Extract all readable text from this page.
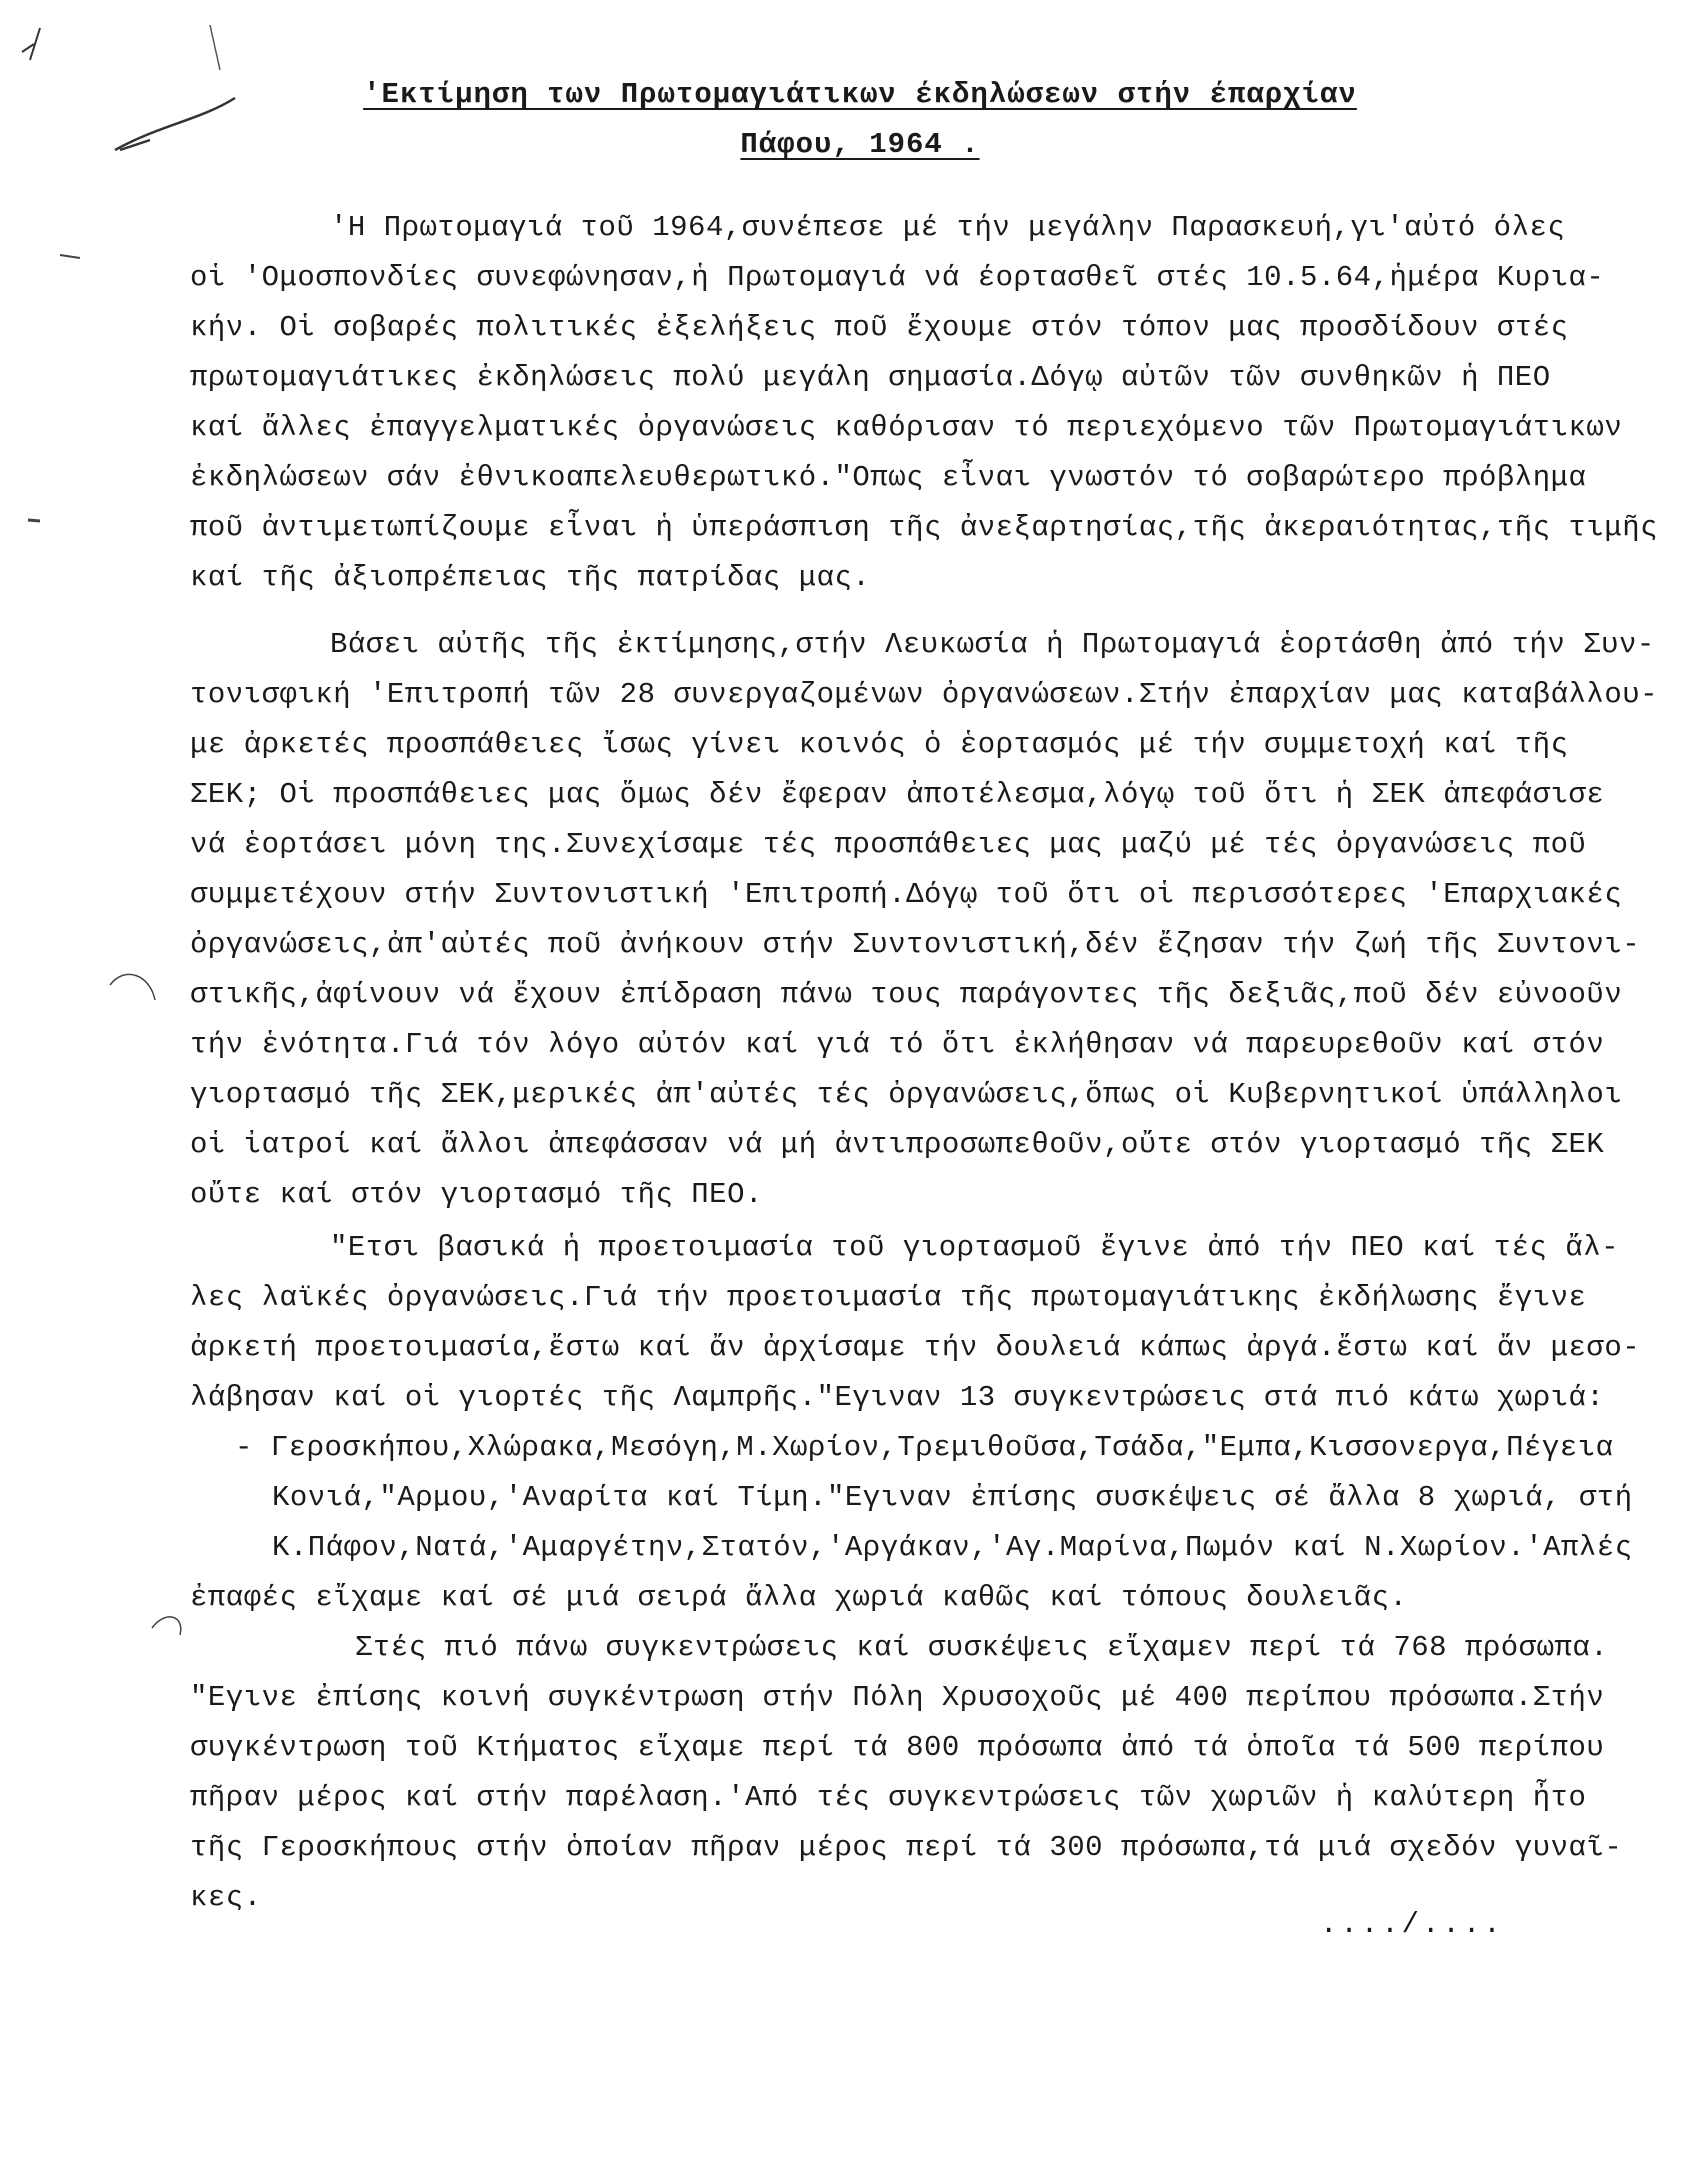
'Εκτίμηση των Πρωτομαγιάτικων έκδηλώσεων στήν έπαρχίαν
Πάφου, 1964 .

'Η Πρωτομαγιά τοῦ 1964,συνέπεσε μέ τήν μεγάλην Παρασκευή,γι'αὐτό όλες
οἱ 'Ομοσπονδίες συνεφώνησαν,ἡ Πρωτομαγιά νά έορτασθεῖ στές 10.5.64,ἡμέρα Κυρια-
κήν. Οἱ σοβαρές πολιτικές ἐξελήξεις ποῦ ἔχουμε στόν τόπον μας προσδίδουν στές
πρωτομαγιάτικες ἐκδηλώσεις πολύ μεγάλη σημασία.Δόγῳ αὐτῶν τῶν συνθηκῶν ἡ ΠΕΟ
καί ἄλλες ἐπαγγελματικές ὀργανώσεις καθόρισαν τό περιεχόμενο τῶν Πρωτομαγιάτικων
ἐκδηλώσεων σάν ἐθνικοαπελευθερωτικό."Οπως εἶναι γνωστόν τό σοβαρώτερο πρόβλημα
ποῦ ἀντιμετωπίζουμε εἶναι ἡ ὑπεράσπιση τῆς ἀνεξαρτησίας,τῆς ἀκεραιότητας,τῆς τιμῆς
καί τῆς ἀξιοπρέπειας τῆς πατρίδας μας.

Βάσει αὐτῆς τῆς ἐκτίμησης,στήν Λευκωσία ἡ Πρωτομαγιά ἑορτάσθη ἀπό τήν Συν-
τονισφική 'Επιτροπή τῶν 28 συνεργαζομένων ὀργανώσεων.Στήν ἐπαρχίαν μας καταβάλλου-
με ἀρκετές προσπάθειες ἴσως γίνει κοινός ὁ ἑορτασμός μέ τήν συμμετοχή καί τῆς
ΣΕΚ; Οἱ προσπάθειες μας ὅμως δέν ἔφεραν ἀποτέλεσμα,λόγῳ τοῦ ὅτι ἡ ΣΕΚ ἀπεφάσισε
νά ἑορτάσει μόνη της.Συνεχίσαμε τές προσπάθειες μας μαζύ μέ τές ὀργανώσεις ποῦ
συμμετέχουν στήν Συντονιστική 'Επιτροπή.Δόγῳ τοῦ ὅτι οἱ περισσότερες 'Επαρχιακές
ὀργανώσεις,ἀπ'αὐτές ποῦ ἀνήκουν στήν Συντονιστική,δέν ἔζησαν τήν ζωή τῆς Συντονι-
στικῆς,ἀφίνουν νά ἔχουν ἐπίδραση πάνω τους παράγοντες τῆς δεξιᾶς,ποῦ δέν εὐνοοῦν
τήν ἑνότητα.Γιά τόν λόγο αὐτόν καί γιά τό ὅτι ἐκλήθησαν νά παρευρεθοῦν καί στόν
γιορτασμό τῆς ΣΕΚ,μερικές ἀπ'αὐτές τές ὀργανώσεις,ὅπως οἱ Κυβερνητικοί ὑπάλληλοι
οἱ ἰατροί καί ἄλλοι ἀπεφάσσαν νά μή ἀντιπροσωπεθοῦν,οὔτε στόν γιορτασμό τῆς ΣΕΚ
οὔτε καί στόν γιορτασμό τῆς ΠΕΟ.

"Ετσι βασικά ἡ προετοιμασία τοῦ γιορτασμοῦ ἔγινε ἀπό τήν ΠΕΟ καί τές ἄλ-
λες λαϊκές ὀργανώσεις.Γιά τήν προετοιμασία τῆς πρωτομαγιάτικης ἐκδήλωσης ἔγινε
ἀρκετή προετοιμασία,ἔστω καί ἄν ἀρχίσαμε τήν δουλειά κάπως ἀργά.ἔστω καί ἄν μεσο-
λάβησαν καί οἱ γιορτές τῆς Λαμπρῆς."Εγιναν 13 συγκεντρώσεις στά πιό κάτω χωριά:
- Γεροσκήπου,Χλώρακα,Μεσόγη,Μ.Χωρίον,Τρεμιθοῦσα,Τσάδα,"Εμπα,Κισσονεργα,Πέγεια
Κονιά,"Αρμου,'Αναρίτα καί Τίμη."Εγιναν ἐπίσης συσκέψεις σέ ἄλλα 8 χωριά, στή
Κ.Πάφον,Νατά,'Αμαργέτην,Στατόν,'Αργάκαν,'Αγ.Μαρίνα,Πωμόν καί Ν.Χωρίον.'Απλές
ἐπαφές εἴχαμε καί σέ μιά σειρά ἄλλα χωριά καθῶς καί τόπους δουλειᾶς.

Στές πιό πάνω συγκεντρώσεις καί συσκέψεις εἴχαμεν περί τά 768 πρόσωπα.
"Εγινε ἐπίσης κοινή συγκέντρωση στήν Πόλη Χρυσοχοῦς μέ 400 περίπου πρόσωπα.Στήν
συγκέντρωση τοῦ Κτήματος εἴχαμε περί τά 800 πρόσωπα ἀπό τά ὁποῖα τά 500 περίπου
πῆραν μέρος καί στήν παρέλαση.'Από τές συγκεντρώσεις τῶν χωριῶν ἡ καλύτερη ἦτο
τῆς Γεροσκήπους στήν ὁποίαν πῆραν μέρος περί τά 300 πρόσωπα,τά μιά σχεδόν γυναῖ-
κες.

..../....
